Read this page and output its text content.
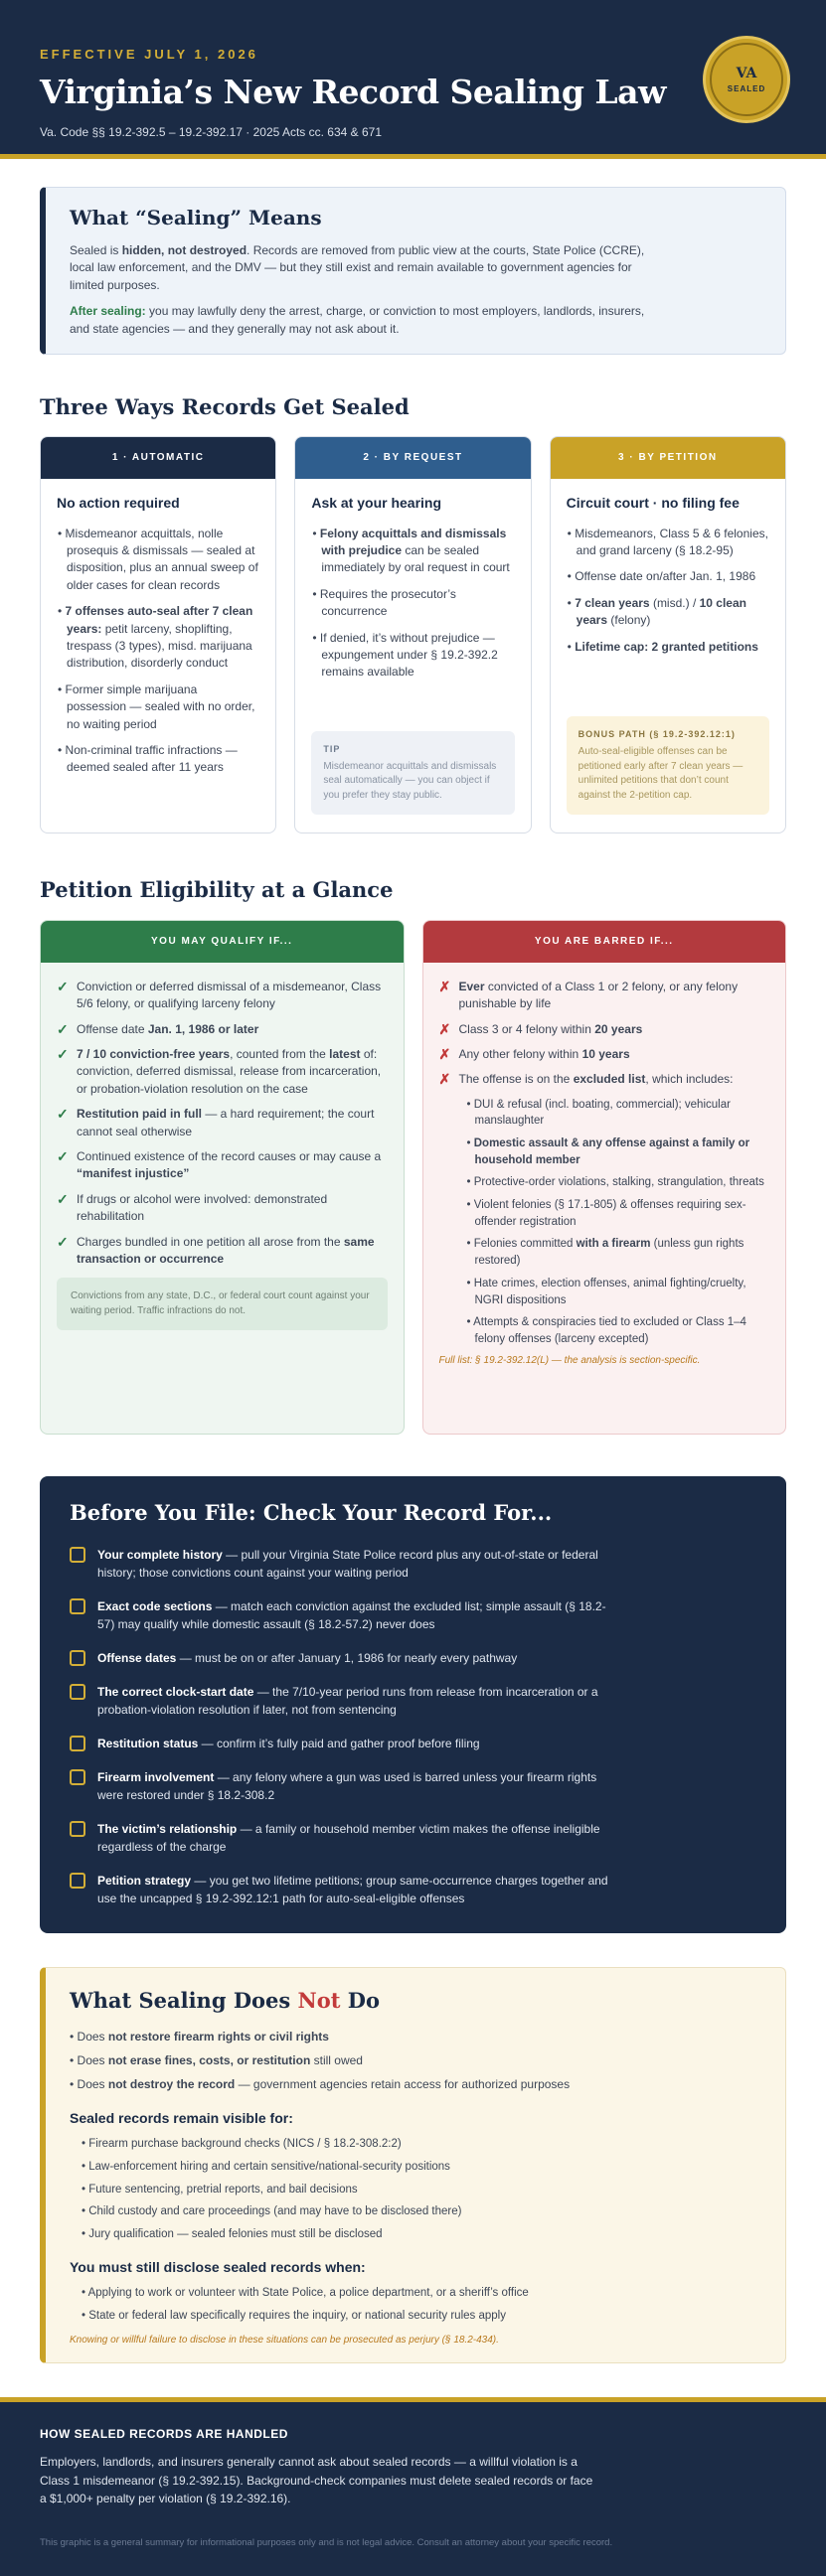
EFFECTIVE JULY 1, 2026
Virginia’s New Record Sealing Law
Va. Code §§ 19.2-392.5 – 19.2-392.17 · 2025 Acts cc. 634 & 671
VA
SEALED
What “Sealing” Means

Sealed is hidden, not destroyed. Records are removed from public view at the courts, State Police (CCRE), local law enforcement, and the DMV — but they still exist and remain available to government agencies for limited purposes.

After sealing: you may lawfully deny the arrest, charge, or conviction to most employers, landlords, insurers, and state agencies — and they generally may not ask about it.

Three Ways Records Get Sealed
1 · AUTOMATIC
No action required
• Misdemeanor acquittals, nolle prosequis & dismissals — sealed at disposition, plus an annual sweep of older cases for clean records
• 7 offenses auto-seal after 7 clean years: petit larceny, shoplifting, trespass (3 types), misd. marijuana distribution, disorderly conduct
• Former simple marijuana possession — sealed with no order, no waiting period
• Non-criminal traffic infractions — deemed sealed after 11 years
2 · BY REQUEST
Ask at your hearing
• Felony acquittals and dismissals with prejudice can be sealed immediately by oral request in court
• Requires the prosecutor’s concurrence
• If denied, it’s without prejudice — expungement under § 19.2-392.2 remains available
TIP
Misdemeanor acquittals and dismissals seal automatically — you can object if you prefer they stay public.
3 · BY PETITION
Circuit court · no filing fee
• Misdemeanors, Class 5 & 6 felonies, and grand larceny (§ 18.2-95)
• Offense date on/after Jan. 1, 1986
• 7 clean years (misd.) / 10 clean years (felony)
• Lifetime cap: 2 granted petitions
BONUS PATH (§ 19.2-392.12:1)
Auto-seal-eligible offenses can be petitioned early after 7 clean years — unlimited petitions that don’t count against the 2-petition cap.
Petition Eligibility at a Glance
YOU MAY QUALIFY IF...
✓ Conviction or deferred dismissal of a misdemeanor, Class 5/6 felony, or qualifying larceny felony
✓ Offense date Jan. 1, 1986 or later
✓ 7 / 10 conviction-free years, counted from the latest of: conviction, deferred dismissal, release from incarceration, or probation-violation resolution on the case
✓ Restitution paid in full — a hard requirement; the court cannot seal otherwise
✓ Continued existence of the record causes or may cause a “manifest injustice”
✓ If drugs or alcohol were involved: demonstrated rehabilitation
✓ Charges bundled in one petition all arose from the same transaction or occurrence
Convictions from any state, D.C., or federal court count against your waiting period. Traffic infractions do not.
YOU ARE BARRED IF...
✗ Ever convicted of a Class 1 or 2 felony, or any felony punishable by life
✗ Class 3 or 4 felony within 20 years
✗ Any other felony within 10 years
✗ The offense is on the excluded list, which includes:
• DUI & refusal (incl. boating, commercial); vehicular manslaughter
• Domestic assault & any offense against a family or household member
• Protective-order violations, stalking, strangulation, threats
• Violent felonies (§ 17.1-805) & offenses requiring sex-offender registration
• Felonies committed with a firearm (unless gun rights restored)
• Hate crimes, election offenses, animal fighting/cruelty, NGRI dispositions
• Attempts & conspiracies tied to excluded or Class 1–4 felony offenses (larceny excepted)
Full list: § 19.2-392.12(L) — the analysis is section-specific.
Before You File: Check Your Record For...
Your complete history — pull your Virginia State Police record plus any out-of-state or federal history; those convictions count against your waiting period
Exact code sections — match each conviction against the excluded list; simple assault (§ 18.2-57) may qualify while domestic assault (§ 18.2-57.2) never does
Offense dates — must be on or after January 1, 1986 for nearly every pathway
The correct clock-start date — the 7/10-year period runs from release from incarceration or a probation-violation resolution if later, not from sentencing
Restitution status — confirm it’s fully paid and gather proof before filing
Firearm involvement — any felony where a gun was used is barred unless your firearm rights were restored under § 18.2-308.2
The victim’s relationship — a family or household member victim makes the offense ineligible regardless of the charge
Petition strategy — you get two lifetime petitions; group same-occurrence charges together and use the uncapped § 19.2-392.12:1 path for auto-seal-eligible offenses
What Sealing Does Not Do
• Does not restore firearm rights or civil rights
• Does not erase fines, costs, or restitution still owed
• Does not destroy the record — government agencies retain access for authorized purposes
Sealed records remain visible for:
• Firearm purchase background checks (NICS / § 18.2-308.2:2)
• Law-enforcement hiring and certain sensitive/national-security positions
• Future sentencing, pretrial reports, and bail decisions
• Child custody and care proceedings (and may have to be disclosed there)
• Jury qualification — sealed felonies must still be disclosed
You must still disclose sealed records when:
• Applying to work or volunteer with State Police, a police department, or a sheriff’s office
• State or federal law specifically requires the inquiry, or national security rules apply
Knowing or willful failure to disclose in these situations can be prosecuted as perjury (§ 18.2-434).
HOW SEALED RECORDS ARE HANDLED
Employers, landlords, and insurers generally cannot ask about sealed records — a willful violation is a Class 1 misdemeanor (§ 19.2-392.15). Background-check companies must delete sealed records or face a $1,000+ penalty per violation (§ 19.2-392.16).
This graphic is a general summary for informational purposes only and is not legal advice. Consult an attorney about your specific record.
